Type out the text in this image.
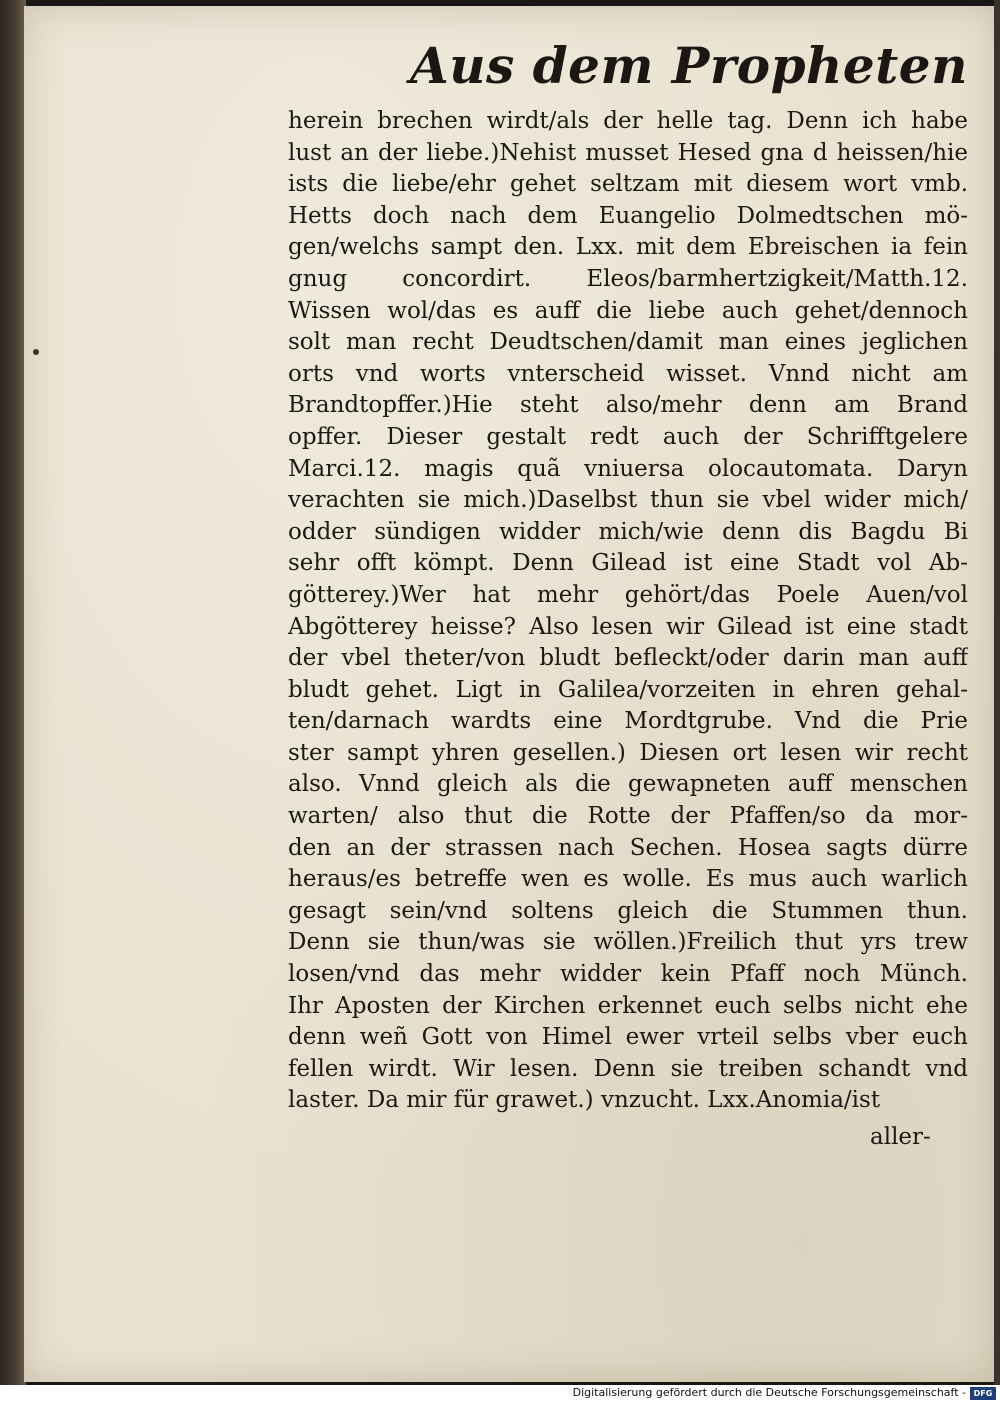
Aus dem Propheten
herein brechen wirdt/als der helle tag. Denn ich habe
lust an der liebe.)Nehist musset Hesed gna d heissen/hie
ists die liebe/ehr gehet seltzam mit diesem wort vmb.
Hetts doch nach dem Euangelio Dolmedtschen mö-
gen/welchs sampt den. Lxx. mit dem Ebreischen ia fein
gnug concordirt. Eleos/barmhertzigkeit/Matth.12.
Wissen wol/das es auff die liebe auch gehet/dennoch
solt man recht Deudtschen/damit man eines jeglichen
orts vnd worts vnterscheid wisset. Vnnd nicht am
Brandtopffer.)Hie steht also/mehr denn am Brand
opffer. Dieser gestalt redt auch der Schrifftgelere
Marci.12. magis quã vniuersa olocautomata. Daryn
verachten sie mich.)Daselbst thun sie vbel wider mich/
odder sündigen widder mich/wie denn dis Bagdu Bi
sehr offt kömpt. Denn Gilead ist eine Stadt vol Ab-
götterey.)Wer hat mehr gehört/das Poele Auen/vol
Abgötterey heisse? Also lesen wir Gilead ist eine stadt
der vbel theter/von bludt befleckt/oder darin man auff
bludt gehet. Ligt in Galilea/vorzeiten in ehren gehal-
ten/darnach wardts eine Mordtgrube. Vnd die Prie
ster sampt yhren gesellen.) Diesen ort lesen wir recht
also. Vnnd gleich als die gewapneten auff menschen
warten/ also thut die Rotte der Pfaffen/so da mor-
den an der strassen nach Sechen. Hosea sagts dürre
heraus/es betreffe wen es wolle. Es mus auch warlich
gesagt sein/vnd soltens gleich die Stummen thun.
Denn sie thun/was sie wöllen.)Freilich thut yrs trew
losen/vnd das mehr widder kein Pfaff noch Münch.
Ihr Aposten der Kirchen erkennet euch selbs nicht ehe
denn weñ Gott von Himel ewer vrteil selbs vber euch
fellen wirdt. Wir lesen. Denn sie treiben schandt vnd
laster. Da mir für grawet.) vnzucht. Lxx.Anomia/ist
aller-
Digitalisierung gefördert durch die Deutsche Forschungsgemeinschaft - DFG
